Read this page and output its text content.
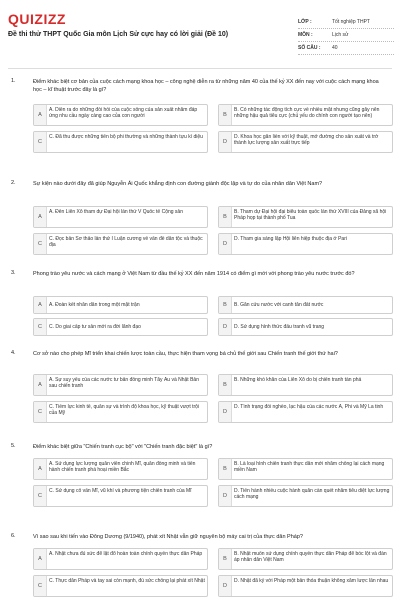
QUIZIZZ
Đề thi thử THPT Quốc Gia môn Lịch Sử cực hay có lời giải (Đề 10)
LỚP :	Tốt nghiệp THPT
MÔN :	Lịch sử
SỐ CÂU :	40
1.	Điểm khác biệt cơ bản của cuộc cách mạng khoa học – công nghệ diễn ra từ những năm 40 của thế kỷ XX đến nay với cuộc cách mạng khoa học – kĩ thuật trước đây là gì?
A
A. Diễn ra do những đòi hỏi của cuộc sống của sản xuất nhằm đáp ứng nhu cầu ngày càng cao của con người	B
B. Có những tác động tích cực về nhiều mặt nhưng cũng gây nên những hậu quả tiêu cực (chủ yếu do chính con người tạo nên)
C
C. Đã thu được những tiến bộ phi thường và những thành tựu kì diệu
D
D. Khoa học gắn liền với kỹ thuật, mở đường cho sản xuất và trở thành lực lượng sản xuất trực tiếp
2.	Sự kiện nào dưới đây đã giúp Nguyễn Ái Quốc khẳng định con đường giành độc lập và tự do của nhân dân Việt Nam?
A
A. Đến Liên Xô tham dự Đại hội lần thứ V Quốc tế Cộng sản
B
B. Tham dự Đại hội đại biểu toàn quốc lần thứ XVIII của Đảng xã hội Pháp họp tại thành phố Tua
C
C. Đọc bản Sơ thảo lần thứ I Luận cương về vấn đề dân tộc và thuộc địa	D
D. Tham gia sáng lập Hội liên hiệp thuộc địa ở Pari
3.	Phong trào yêu nước và cách mạng ở Việt Nam từ đầu thế kỷ XX đến năm 1914 có điểm gì mới với phong trào yêu nước trước đó?
A	A. Đoàn kết nhân dân trong một mặt trận	B	B. Gắn cứu nước với canh tân đất nước
C	C. Do giai cấp tư sản mới ra đời lãnh đạo	D	D. Sử dụng hình thức đấu tranh vũ trang
4.	Cơ sở nào cho phép Mĩ triển khai chiến lược toàn cầu, thực hiện tham vọng bá chủ thế giới sau Chiến tranh thế giới thứ hai?
A
A. Sự suy yếu của các nước tư bản đồng minh Tây Âu và Nhật Bản sau chiến tranh	B
B. Những khó khăn của Liên Xô do bị chiến tranh tàn phá
C
C. Tiềm lực kinh tế, quân sự và trình độ khoa học, kỹ thuật vượt trội của Mỹ	D
D. Tình trạng đói nghèo, lạc hậu của các nước Á, Phi và Mỹ La tinh
5.	Điểm khác biệt giữa "Chiến tranh cục bộ" với "Chiến tranh đặc biệt" là gì?
A
A. Sử dụng lực lượng quân viễn chinh Mĩ, quân đồng minh và tiến hành chiến tranh phá hoại miền Bắc	B
B. Là loại hình chiến tranh thực dân mới nhằm chống lại cách mạng miền Nam
C
C. Sử dụng cố vấn Mĩ, vũ khí và phương tiện chiến tranh của Mĩ
D
D. Tiến hành nhiều cuộc hành quân càn quét nhằm tiêu diệt lực lượng cách mạng
6.	Vì sao sau khi tiến vào Đông Dương (9/1940), phát xít Nhật vẫn giữ nguyên bộ máy cai trị của thực dân Pháp?
A
A. Nhật chưa đủ sức để lật đổ hoàn toàn chính quyền thực dân Pháp
B
B. Nhật muốn sử dụng chính quyền thực dân Pháp để bóc lột và đàn áp nhân dân Việt Nam
C
C. Thực dân Pháp và tay sai còn mạnh, đủ sức chống lại phát xít Nhật
D
D. Nhật đã ký với Pháp một bản thỏa thuận không xâm lược lẫn nhau
